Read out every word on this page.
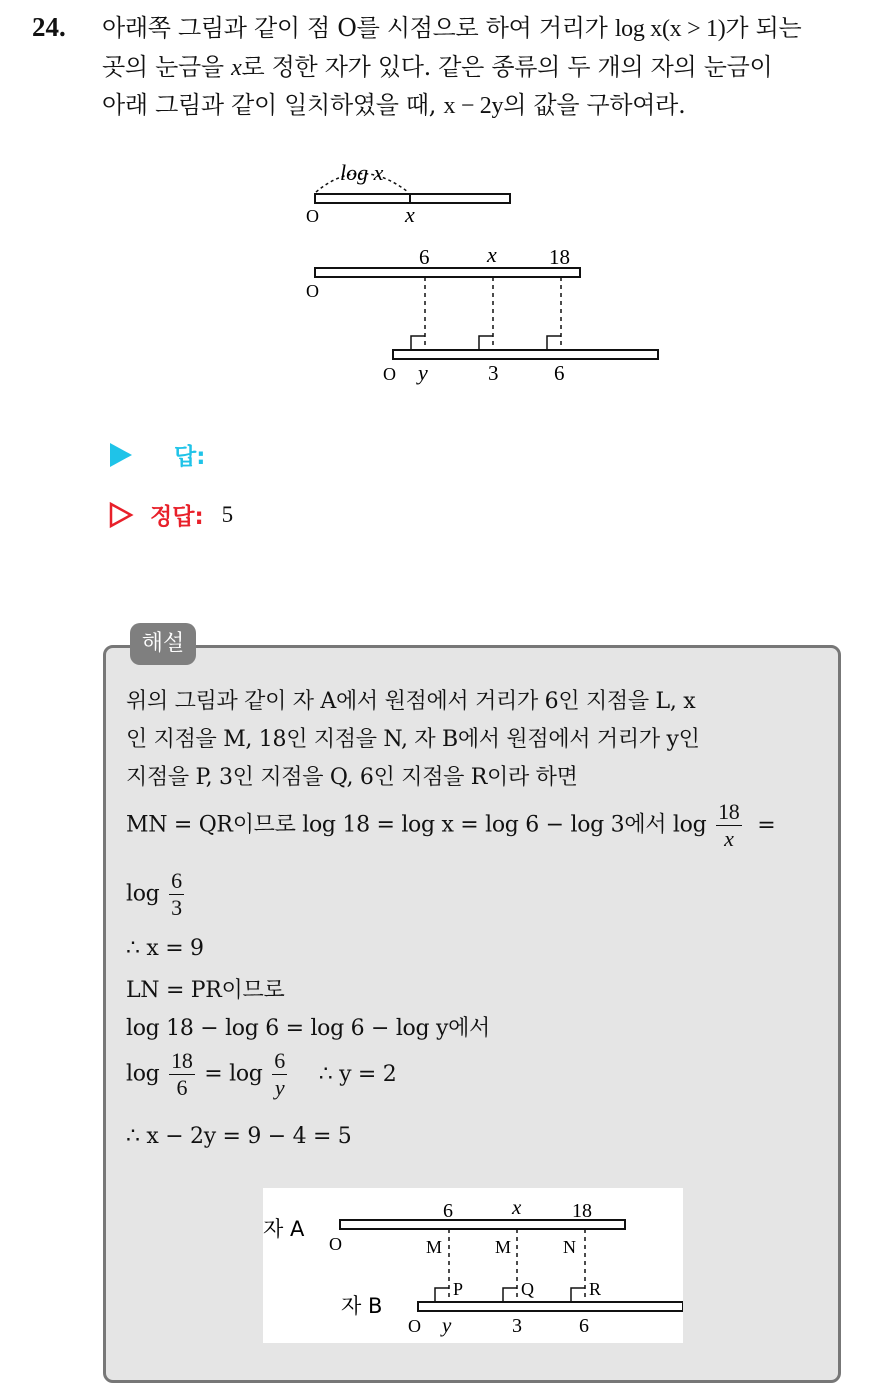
24. 아래쪽 그림과 같이 점 O를 시점으로 하여 거리가 log x(x > 1)가 되는
곳의 눈금을 x로 정한 자가 있다. 같은 종류의 두 개의 자의 눈금이
아래 그림과 같이 일치하였을 때, x − 2y의 값을 구하여라.
log x
O	x
6	x 18
O
O y	3	6
답:
정답: 5
해설
위의 그림과 같이 자 A에서 원점에서 거리가 6인 지점을 L, x
인 지점을 M, 18인 지점을 N, 자 B에서 원점에서 거리가 y인
지점을 P, 3인 지점을 Q, 6인 지점을 R이라 하면
MN = QR이므로 log 18 = log x = log 6 − log 3에서 $\log \frac{18}{x}$ =
$\log \frac{6}{3}$
∴ x = 9
LN = PR이므로
log 18 − log 6 = log 6 − log y에서
$\log \frac{18}{6} = \log \frac{6}{y}$ ∴ y = 2
∴ x − 2y = 9 − 4 = 5
자 A
자 B
6	x	18
O	M	M	N
P	Q	R
O y	3	6
